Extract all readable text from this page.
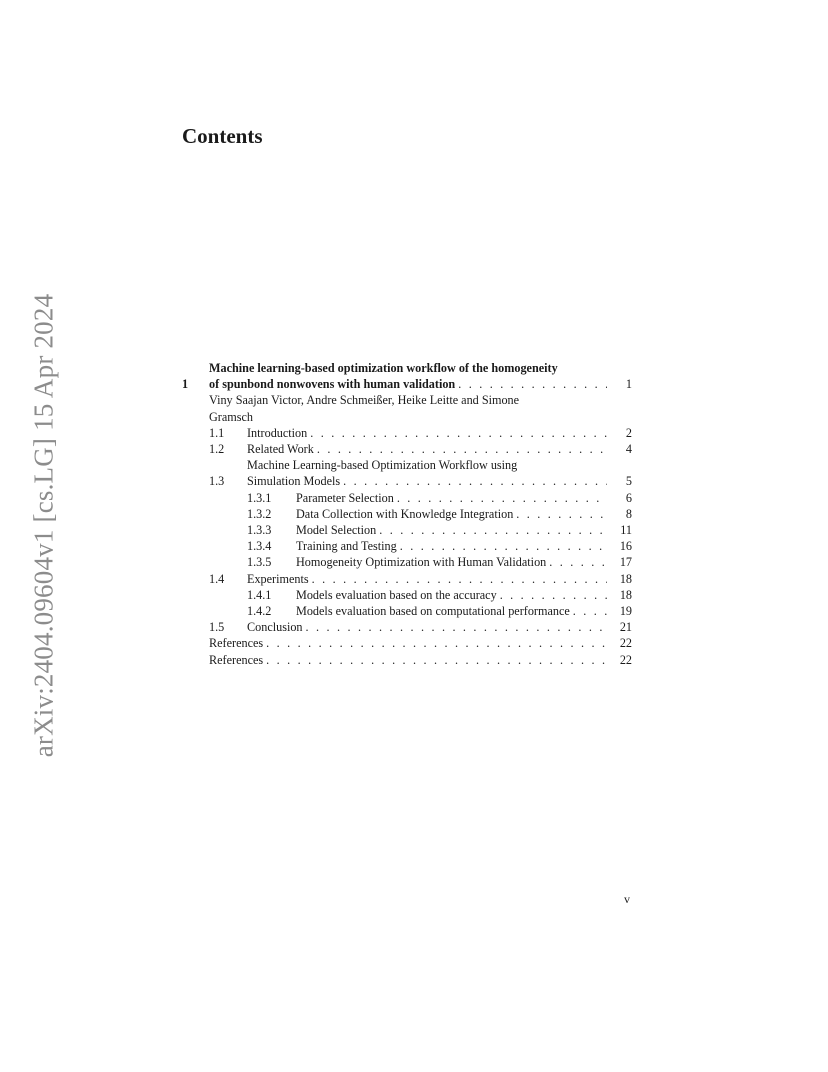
arXiv:2404.09604v1 [cs.LG] 15 Apr 2024
Contents
1
Machine learning-based optimization workflow of the homogeneity
of spunbond nonwovens with human validation . . .	1
Viny Saajan Victor, Andre Schmeißer, Heike Leitte and Simone
Gramsch
1.1	Introduction . . .	2
1.2	Related Work . . .	4
1.3
Machine Learning-based Optimization Workflow using
Simulation Models . . .	5
1.3.1	Parameter Selection . . .	6
1.3.2	Data Collection with Knowledge Integration . . .	8
1.3.3	Model Selection . . .	11
1.3.4	Training and Testing . . .	16
1.3.5	Homogeneity Optimization with Human Validation . . .	17
1.4	Experiments . . .	18
1.4.1	Models evaluation based on the accuracy . . .	18
1.4.2	Models evaluation based on computational performance . . .	19
1.5	Conclusion . . .	21
References . . .	22
References . . .	22
v
